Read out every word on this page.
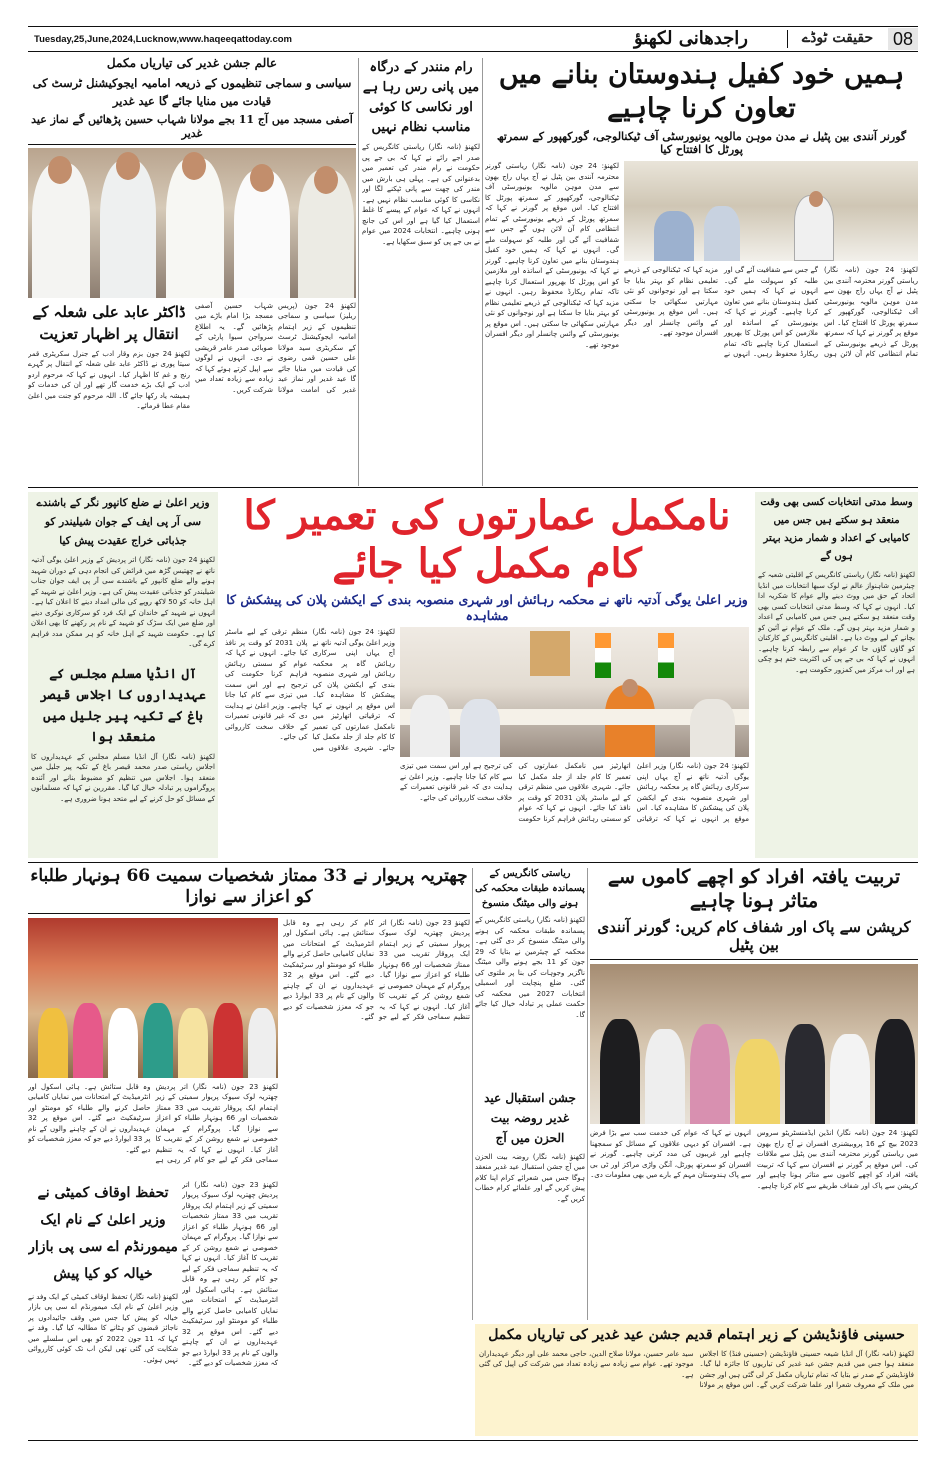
08
حقیقت ٹوڈے
راجدھانی لکھنؤ
Tuesday,25,June,2024,Lucknow,www.haqeeqattoday.com
ہمیں خود کفیل ہندوستان بنانے میں تعاون کرنا چاہیے
گورنر آنندی بین پٹیل نے مدن موہن مالویہ یونیورسٹی آف ٹیکنالوجی، گورکھپور کے سمرتھ پورٹل کا افتتاح کیا
لکھنؤ: 24 جون (نامہ نگار) ریاستی گورنر محترمہ آنندی بین پٹیل نے آج یہاں راج بھون سے مدن موہن مالویہ یونیورسٹی آف ٹیکنالوجی، گورکھپور کے سمرتھ پورٹل کا افتتاح کیا۔ اس موقع پر گورنر نے کہا کہ سمرتھ پورٹل کے ذریعے یونیورسٹی کے تمام انتظامی کام آن لائن ہوں گے جس سے شفافیت آئے گی اور طلبہ کو سہولت ملے گی۔ انہوں نے کہا کہ ہمیں خود کفیل ہندوستان بنانے میں تعاون کرنا چاہیے۔ گورنر نے کہا کہ یونیورسٹی کے اساتذہ اور ملازمین کو اس پورٹل کا بھرپور استعمال کرنا چاہیے تاکہ تمام ریکارڈ محفوظ رہیں۔ انہوں نے مزید کہا کہ ٹیکنالوجی کے ذریعے تعلیمی نظام کو بہتر بنایا جا سکتا ہے اور نوجوانوں کو نئی مہارتیں سکھائی جا سکتی ہیں۔ اس موقع پر یونیورسٹی کے وائس چانسلر اور دیگر افسران موجود تھے۔
لکھنؤ: 24 جون (نامہ نگار) ریاستی گورنر محترمہ آنندی بین پٹیل نے آج یہاں راج بھون سے مدن موہن مالویہ یونیورسٹی آف ٹیکنالوجی، گورکھپور کے سمرتھ پورٹل کا افتتاح کیا۔ اس موقع پر گورنر نے کہا کہ سمرتھ پورٹل کے ذریعے یونیورسٹی کے تمام انتظامی کام آن لائن ہوں گے جس سے شفافیت آئے گی اور طلبہ کو سہولت ملے گی۔ انہوں نے کہا کہ ہمیں خود کفیل ہندوستان بنانے میں تعاون کرنا چاہیے۔ گورنر نے کہا کہ یونیورسٹی کے اساتذہ اور ملازمین کو اس پورٹل کا بھرپور استعمال کرنا چاہیے تاکہ تمام ریکارڈ محفوظ رہیں۔ انہوں نے مزید کہا کہ ٹیکنالوجی کے ذریعے تعلیمی نظام کو بہتر بنایا جا سکتا ہے اور نوجوانوں کو نئی مہارتیں سکھائی جا سکتی ہیں۔ اس موقع پر یونیورسٹی کے وائس چانسلر اور دیگر افسران موجود تھے۔
رام منندر کے درگاہ میں پانی رس رہا ہے اور نکاسی کا کوئی مناسب نظام نہیں
لکھنؤ (نامہ نگار) ریاستی کانگریس کے صدر اجے رائے نے کہا کہ بی جے پی حکومت نے رام مندر کی تعمیر میں بدعنوانی کی ہے۔ پہلی ہی بارش میں مندر کی چھت سے پانی ٹپکنے لگا اور نکاسی کا کوئی مناسب نظام نہیں ہے۔ انہوں نے کہا کہ عوام کے پیسے کا غلط استعمال کیا گیا ہے اور اس کی جانچ ہونی چاہیے۔ انتخابات 2024 میں عوام نے بی جے پی کو سبق سکھایا ہے۔
عالم جشن غدیر کی تیاریاں مکمل
سیاسی و سماجی تنظیموں کے ذریعہ امامیہ ایجوکیشنل ٹرسٹ کی قیادت میں منایا جائے گا عید غدیر
آصفی مسجد میں آج 11 بجے مولانا شہاب حسین پڑھائیں گے نماز عید غدیر
ڈاکٹر عابد علی شعلہ کے انتقال پر اظہار تعزیت
لکھنؤ 24 جون بزم وقار ادب کے جنرل سکریٹری قمر سیتا پوری نے ڈاکٹر عابد علی شعلہ کے انتقال پر گہرے رنج و غم کا اظہار کیا۔ انہوں نے کہا کہ مرحوم اردو ادب کے ایک بڑے خدمت گار تھے اور ان کی خدمات کو ہمیشہ یاد رکھا جائے گا۔ اللہ مرحوم کو جنت میں اعلیٰ مقام عطا فرمائے۔
لکھنؤ 24 جون (پریس ریلیز) سیاسی و سماجی تنظیموں کے زیر اہتمام امامیہ ایجوکیشنل ٹرسٹ کے سکریٹری سید مولانا علی حسین قمی رضوی کی قیادت میں منایا جائے گا عید غدیر اور نماز عید غدیر کی امامت مولانا شہاب حسین آصفی مسجد بڑا امام باڑے میں پڑھائیں گے۔ یہ اطلاع سرواجن سیوا پارٹی کے صوبائی صدر عامر قریشی نے دی۔ انہوں نے لوگوں سے اپیل کرتے ہوئے کہا کہ زیادہ سے زیادہ تعداد میں شرکت کریں۔
وزیر اعلیٰ نے ضلع کانپور نگر کے باشندے سی آر پی ایف کے جوان شیلیندر کو جذباتی خراج عقیدت پیش کیا
لکھنؤ 24 جون (نامہ نگار) اتر پردیش کے وزیر اعلیٰ یوگی آدتیہ ناتھ نے چھتیس گڑھ میں فرائض کی انجام دہی کے دوران شہید ہونے والے ضلع کانپور کے باشندے سی آر پی ایف جوان جناب شیلیندر کو جذباتی عقیدت پیش کی ہے۔ وزیر اعلیٰ نے شہید کے اہل خانہ کو 50 لاکھ روپے کی مالی امداد دینے کا اعلان کیا ہے۔ انہوں نے شہید کے خاندان کے ایک فرد کو سرکاری نوکری دینے اور ضلع میں ایک سڑک کو شہید کے نام پر رکھنے کا بھی اعلان کیا ہے۔ حکومت شہید کے اہل خانہ کو ہر ممکن مدد فراہم کرے گی۔
آل انڈیا مسلم مجلس کے عہدیداروں کا اجلاس قیصر باغ کے تکیہ پیر جلیل میں منعقد ہوا
لکھنؤ (نامہ نگار) آل انڈیا مسلم مجلس کے عہدیداروں کا اجلاس ریاستی صدر محمد قیصر باغ کے تکیہ پیر جلیل میں منعقد ہوا۔ اجلاس میں تنظیم کو مضبوط بنانے اور آئندہ پروگراموں پر تبادلہ خیال کیا گیا۔ مقررین نے کہا کہ مسلمانوں کے مسائل کو حل کرنے کے لیے متحد ہونا ضروری ہے۔
نامکمل عمارتوں کی تعمیر کا کام مکمل کیا جائے
وزیر اعلیٰ یوگی آدتیہ ناتھ نے محکمہ رہائش اور شہری منصوبہ بندی کے ایکشن پلان کی پیشکش کا مشاہدہ
لکھنؤ: 24 جون (نامہ نگار) وزیر اعلیٰ یوگی آدتیہ ناتھ نے آج یہاں اپنی سرکاری رہائش گاہ پر محکمہ رہائش اور شہری منصوبہ بندی کے ایکشن پلان کی پیشکش کا مشاہدہ کیا۔ اس موقع پر انہوں نے کہا کہ ترقیاتی اتھارٹیز میں نامکمل عمارتوں کی تعمیر کا کام جلد از جلد مکمل کیا جائے۔ شہری علاقوں میں منظم ترقی کے لیے ماسٹر پلان 2031 کو وقت پر نافذ کیا جائے۔ انہوں نے کہا کہ عوام کو سستی رہائش فراہم کرنا حکومت کی ترجیح ہے اور اس سمت میں تیزی سے کام کیا جانا چاہیے۔ وزیر اعلیٰ نے ہدایت دی کہ غیر قانونی تعمیرات کے خلاف سخت کارروائی کی جائے۔
لکھنؤ: 24 جون (نامہ نگار) وزیر اعلیٰ یوگی آدتیہ ناتھ نے آج یہاں اپنی سرکاری رہائش گاہ پر محکمہ رہائش اور شہری منصوبہ بندی کے ایکشن پلان کی پیشکش کا مشاہدہ کیا۔ اس موقع پر انہوں نے کہا کہ ترقیاتی اتھارٹیز میں نامکمل عمارتوں کی تعمیر کا کام جلد از جلد مکمل کیا جائے۔ شہری علاقوں میں منظم ترقی کے لیے ماسٹر پلان 2031 کو وقت پر نافذ کیا جائے۔ انہوں نے کہا کہ عوام کو سستی رہائش فراہم کرنا حکومت کی ترجیح ہے اور اس سمت میں تیزی سے کام کیا جانا چاہیے۔ وزیر اعلیٰ نے ہدایت دی کہ غیر قانونی تعمیرات کے خلاف سخت کارروائی کی جائے۔
وسط مدتی انتخابات کسی بھی وقت منعقد ہو سکتے ہیں جس میں کامیابی کے اعداد و شمار مزید بہتر ہوں گے
لکھنؤ (نامہ نگار) ریاستی کانگریس کے اقلیتی شعبہ کے چیئرمین شاہنواز عالم نے لوک سبھا انتخابات میں انڈیا اتحاد کے حق میں ووٹ دینے والے عوام کا شکریہ ادا کیا۔ انہوں نے کہا کہ وسط مدتی انتخابات کسی بھی وقت منعقد ہو سکتے ہیں جس میں کامیابی کے اعداد و شمار مزید بہتر ہوں گے۔ ملک کے عوام نے آئین کو بچانے کے لیے ووٹ دیا ہے۔ اقلیتی کانگریس کے کارکنان کو گاؤں گاؤں جا کر عوام سے رابطہ کرنا چاہیے۔ انہوں نے کہا کہ بی جے پی کی اکثریت ختم ہو چکی ہے اور اب مرکز میں کمزور حکومت ہے۔
تربیت یافتہ افراد کو اچھے کاموں سے متاثر ہونا چاہیے
کرپشن سے پاک اور شفاف کام کریں: گورنر آنندی بین پٹیل
لکھنؤ: 24 جون (نامہ نگار) انڈین ایڈمنسٹریٹو سروس 2023 بیچ کے 16 پروبیشنری افسران نے آج راج بھون میں ریاستی گورنر محترمہ آنندی بین پٹیل سے ملاقات کی۔ اس موقع پر گورنر نے افسران سے کہا کہ تربیت یافتہ افراد کو اچھے کاموں سے متاثر ہونا چاہیے اور کرپشن سے پاک اور شفاف طریقے سے کام کرنا چاہیے۔ انہوں نے کہا کہ عوام کی خدمت سب سے بڑا فرض ہے۔ افسران کو دیہی علاقوں کے مسائل کو سمجھنا چاہیے اور غریبوں کی مدد کرنی چاہیے۔ گورنر نے افسران کو سمرتھ پورٹل، آنگن واڑی مراکز اور ٹی بی سے پاک ہندوستان مہم کے بارے میں بھی معلومات دی۔
ریاستی کانگریس کے پسماندہ طبقات محکمہ کی ہونے والی میٹنگ منسوخ
لکھنؤ (نامہ نگار) ریاستی کانگریس کے پسماندہ طبقات محکمہ کی ہونے والی میٹنگ منسوخ کر دی گئی ہے۔ محکمہ کے چیئرمین نے بتایا کہ 29 جون کو 11 بجے ہونے والی میٹنگ ناگزیر وجوہات کی بنا پر ملتوی کی گئی۔ ضلع پنچایت اور اسمبلی انتخابات 2027 میں محکمہ کی حکمت عملی پر تبادلہ خیال کیا جائے گا۔
جشن استقبال عید غدیر روضہ بیت الحزن میں آج
لکھنؤ (نامہ نگار) روضہ بیت الحزن میں آج جشن استقبال عید غدیر منعقد ہوگا جس میں شعرائے کرام اپنا کلام پیش کریں گے اور علمائے کرام خطاب کریں گے۔
چھتریہ پریوار نے 33 ممتاز شخصیات سمیت 66 ہونہار طلباء کو اعزاز سے نوازا
لکھنؤ 23 جون (نامہ نگار) اتر پردیش چھتریہ لوک سیوک پریوار سمیتی کے زیر اہتمام ایک پروقار تقریب میں 33 ممتاز شخصیات اور 66 ہونہار طلباء کو اعزاز سے نوازا گیا۔ پروگرام کے مہمان خصوصی نے شمع روشن کر کے تقریب کا آغاز کیا۔ انہوں نے کہا کہ یہ تنظیم سماجی فکر کے لیے جو کام کر رہی ہے وہ قابل ستائش ہے۔ ہائی اسکول اور انٹرمیڈیٹ کے امتحانات میں نمایاں کامیابی حاصل کرنے والے طلباء کو مومنٹو اور سرٹیفکیٹ دیے گئے۔ اس موقع پر 32 عہدیداروں نے ان کے چاہنے والوں کے نام پر 33 ایوارڈ دیے جو کہ معزز شخصیات کو دیے گئے۔
تحفظ اوقاف کمیٹی نے وزیر اعلیٰ کے نام ایک میمورنڈم اے سی پی بازار خیالہ کو کیا پیش
لکھنؤ (نامہ نگار) تحفظ اوقاف کمیٹی کے ایک وفد نے وزیر اعلیٰ کے نام ایک میمورنڈم اے سی پی بازار خیالہ کو پیش کیا جس میں وقف جائیدادوں پر ناجائز قبضوں کو ہٹانے کا مطالبہ کیا گیا۔ وفد نے کہا کہ 11 جون 2022 کو بھی اس سلسلے میں شکایت کی گئی تھی لیکن اب تک کوئی کارروائی نہیں ہوئی۔
لکھنؤ 23 جون (نامہ نگار) اتر پردیش چھتریہ لوک سیوک پریوار سمیتی کے زیر اہتمام ایک پروقار تقریب میں 33 ممتاز شخصیات اور 66 ہونہار طلباء کو اعزاز سے نوازا گیا۔ پروگرام کے مہمان خصوصی نے شمع روشن کر کے تقریب کا آغاز کیا۔ انہوں نے کہا کہ یہ تنظیم سماجی فکر کے لیے جو کام کر رہی ہے وہ قابل ستائش ہے۔ ہائی اسکول اور انٹرمیڈیٹ کے امتحانات میں نمایاں کامیابی حاصل کرنے والے طلباء کو مومنٹو اور سرٹیفکیٹ دیے گئے۔ اس موقع پر 32 عہدیداروں نے ان کے چاہنے والوں کے نام پر 33 ایوارڈ دیے جو کہ معزز شخصیات کو دیے گئے۔
لکھنؤ 23 جون (نامہ نگار) اتر پردیش چھتریہ لوک سیوک پریوار سمیتی کے زیر اہتمام ایک پروقار تقریب میں 33 ممتاز شخصیات اور 66 ہونہار طلباء کو اعزاز سے نوازا گیا۔ پروگرام کے مہمان خصوصی نے شمع روشن کر کے تقریب کا آغاز کیا۔ انہوں نے کہا کہ یہ تنظیم سماجی فکر کے لیے جو کام کر رہی ہے وہ قابل ستائش ہے۔ ہائی اسکول اور انٹرمیڈیٹ کے امتحانات میں نمایاں کامیابی حاصل کرنے والے طلباء کو مومنٹو اور سرٹیفکیٹ دیے گئے۔ اس موقع پر 32 عہدیداروں نے ان کے چاہنے والوں کے نام پر 33 ایوارڈ دیے جو کہ معزز شخصیات کو دیے گئے۔
حسینی فاؤنڈیشن کے زیر اہتمام قدیم جشن عید غدیر کی تیاریاں مکمل
لکھنؤ (نامہ نگار) آل انڈیا شیعہ حسینی فاؤنڈیشن (حسینی فنڈ) کا اجلاس منعقد ہوا جس میں قدیم جشن عید غدیر کی تیاریوں کا جائزہ لیا گیا۔ فاؤنڈیشن کے صدر نے بتایا کہ تمام تیاریاں مکمل کر لی گئی ہیں اور جشن میں ملک کے معروف شعرا اور علما شرکت کریں گے۔ اس موقع پر مولانا سید عامر حسین، مولانا صلاح الدین، حاجی محمد علی اور دیگر عہدیداران موجود تھے۔ عوام سے زیادہ سے زیادہ تعداد میں شرکت کی اپیل کی گئی ہے۔
